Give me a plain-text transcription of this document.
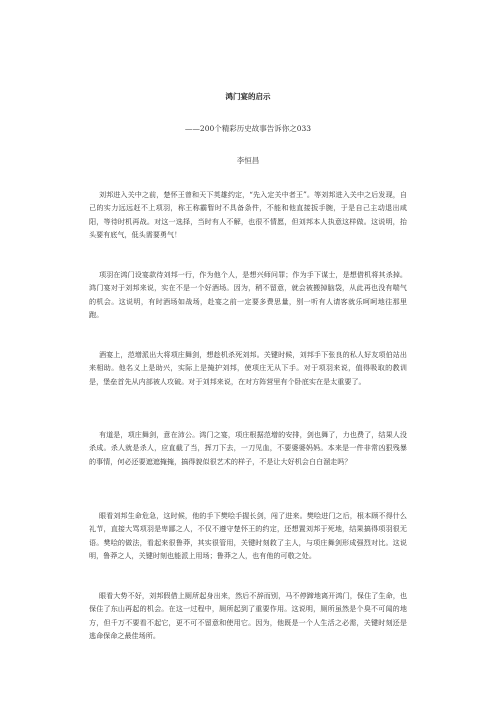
鸿门宴的启示
——200个精彩历史故事告诉你之033
李恒昌

刘邦进入关中之前，楚怀王曾和天下英雄约定，“先入定关中者王”。等刘邦进入关中之后发现，自己的实力远远赶不上项羽，称王称霸暂时不具备条件，不能和他直接扳手腕，于是自己主动退出咸阳，等待时机再战。对这一选择，当时有人不解，也很不情愿，但刘邦本人执意这样做。这说明，抬头要有底气，低头需要勇气！

项羽在鸿门设宴款待刘邦一行，作为他个人，是想兴师问罪；作为手下谋士，是想借机将其杀掉。鸿门宴对于刘邦来说，实在不是一个好酒场。因为，稍不留意，就会被搬掉脑袋，从此再也没有喘气的机会。这说明，有时酒场如战场，赴宴之前一定要多费思量，别一听有人请客就乐呵呵地往那里跑。

酒宴上，范增派出大将项庄舞剑，想趁机杀死刘邦。关键时候，刘邦手下张良的私人好友项伯站出来相助。他名义上是助兴，实际上是掩护刘邦，使项庄无从下手。对于项羽来说，值得吸取的教训是，堡垒首先从内部被人攻破。对于刘邦来说，在对方阵营里有个卧底实在是太重要了。

有道是，项庄舞剑，意在沛公。鸿门之宴，项庄根据范增的安排，剑也舞了，力也费了，结果人没杀成。杀人就是杀人，应直截了当，挥刀下去，一刀见血，不要婆婆妈妈。本来是一件非常凶狠残暴的事情，何必还要遮遮掩掩，搞得貌似很艺术的样子，不是让大好机会白白溜走吗？

眼看刘邦生命危急，这时候，他的手下樊哙手握长剑，闯了进来。樊哙进门之后，根本顾不得什么礼节，直接大骂项羽是卑鄙之人，不仅不遵守楚怀王的约定，还想置刘邦于死地，结果搞得项羽很无语。樊哙的做法，看起来很鲁莽，其实很管用，关键时刻救了主人，与项庄舞剑形成强烈对比。这说明，鲁莽之人，关键时刻也能派上用场；鲁莽之人，也有他的可敬之处。

眼看大势不好，刘邦假借上厕所起身出来，然后不辞而别，马不停蹄地离开鸿门，保住了生命，也保住了东山再起的机会。在这一过程中，厕所起到了重要作用。这说明，厕所虽然是个臭不可闻的地方，但千万不要看不起它，更不可不留意和使用它。因为，他既是一个人生活之必需，关键时刻还是逃命保命之最佳场所。
